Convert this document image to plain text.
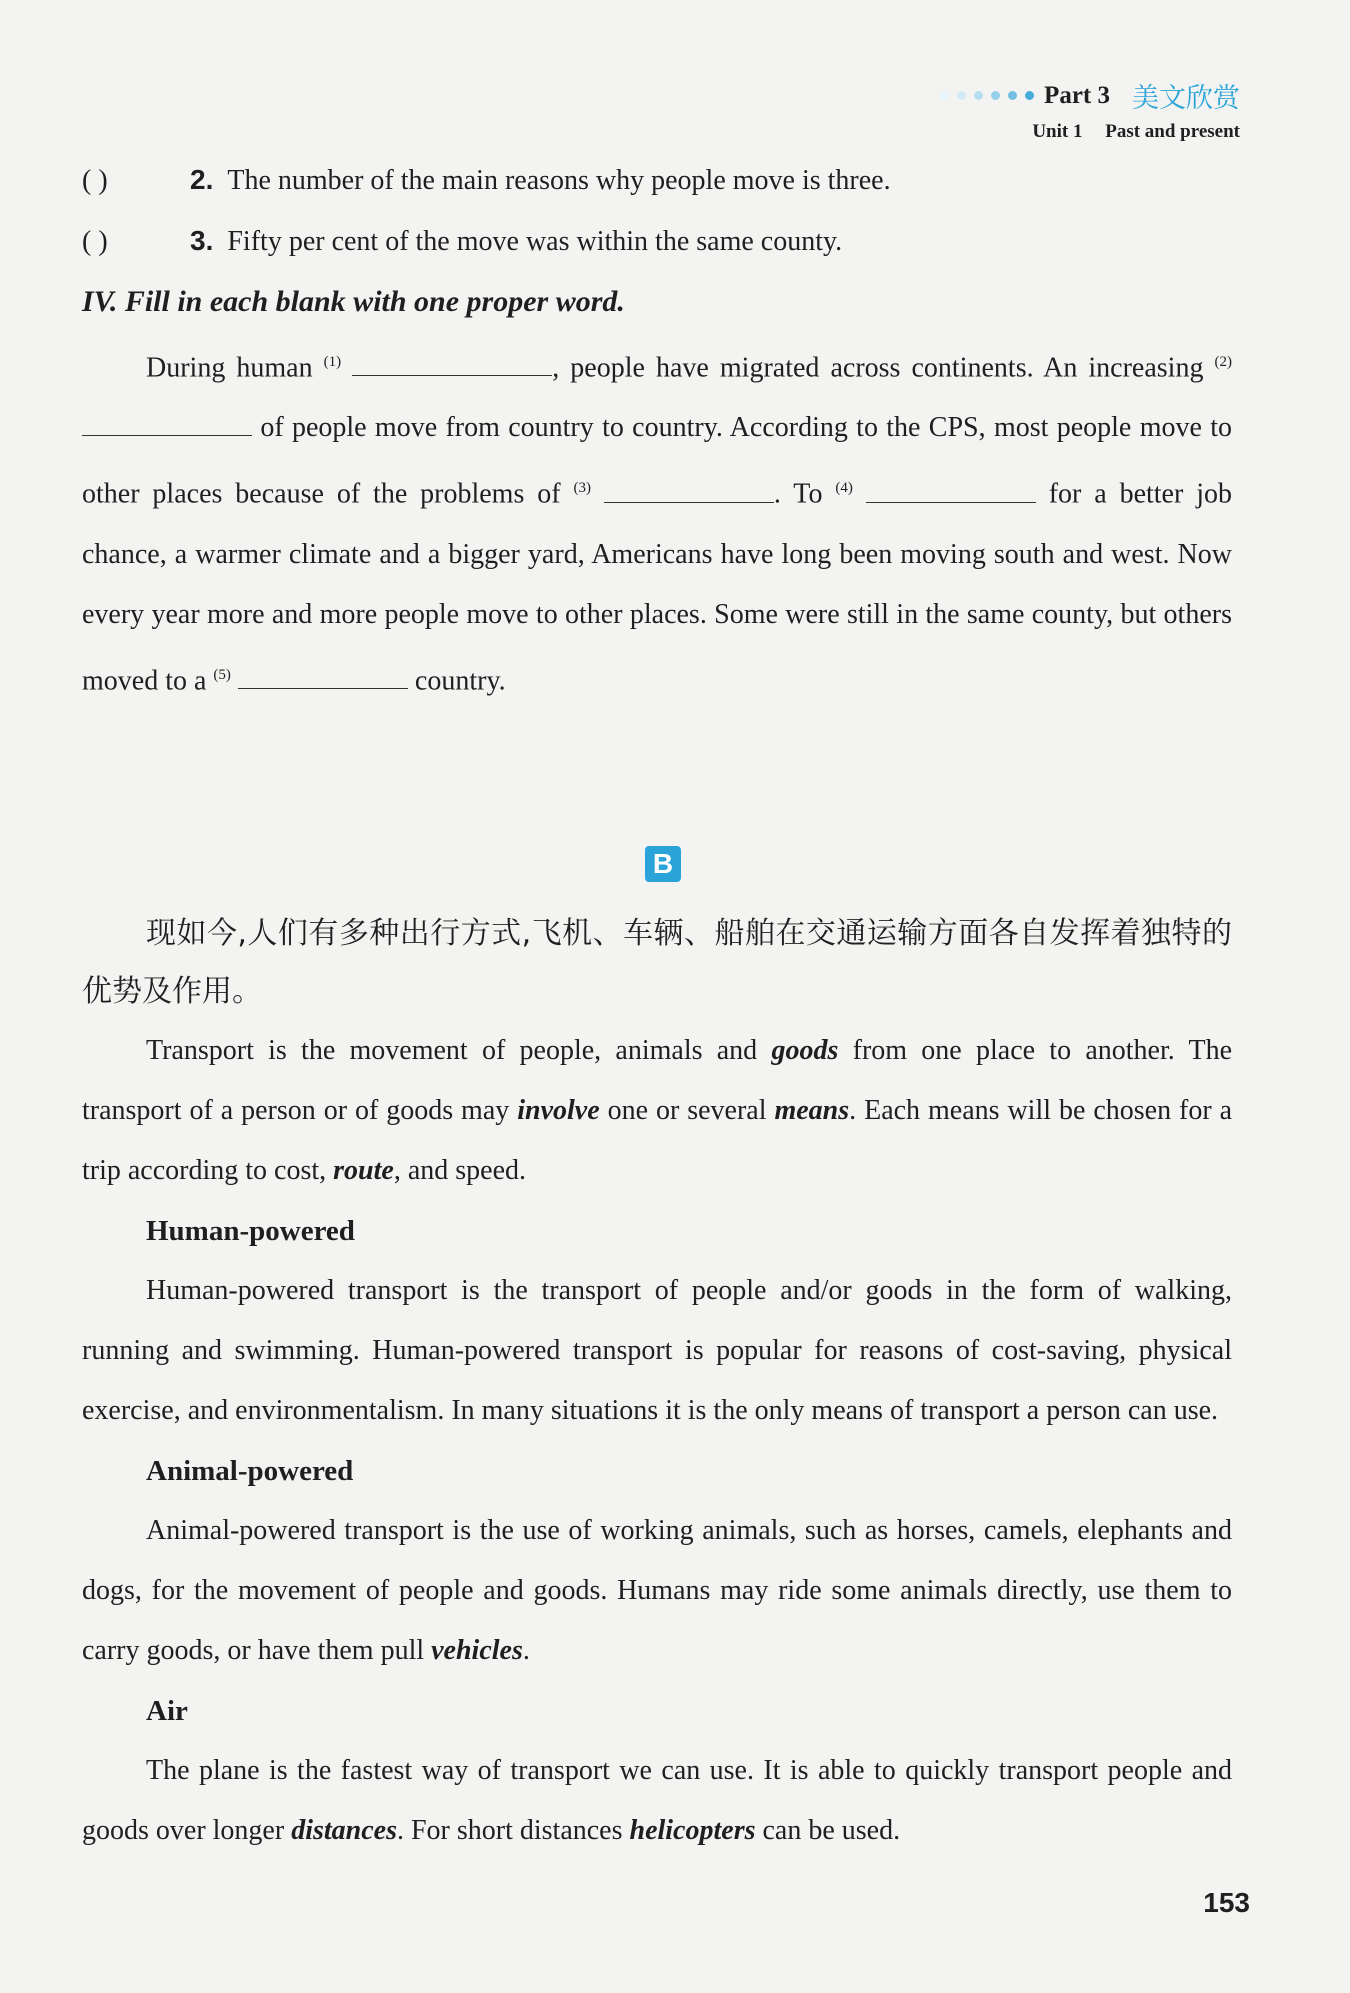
Part 3 美文欣赏
Unit 1 Past and present
( )	2. The number of the main reasons why people move is three.
( )	3. Fifty per cent of the move was within the same county.
IV. Fill in each blank with one proper word.
During human $^{(1)}$	, people have migrated across continents. An increasing $^{(2)}$  of people move from country to country. According to the CPS, most people move to other places because of the problems of $^{(3)}$	. To $^{(4)}$	for a better job chance, a warmer climate and a bigger yard, Americans have long been moving south and west. Now every year more and more people move to other places. Some were still in the same county, but others moved to a $^{(5)}$	country.
B
现如今,人们有多种出行方式,飞机、车辆、船舶在交通运输方面各自发挥着独特的优势及作用。
Transport is the movement of people, animals and goods from one place to another. The transport of a person or of goods may involve one or several means. Each means will be chosen for a trip according to cost, route, and speed.
Human-powered
Human-powered transport is the transport of people and/or goods in the form of walking, running and swimming. Human-powered transport is popular for reasons of cost-saving, physical exercise, and environmentalism. In many situations it is the only means of transport a person can use.
Animal-powered
Animal-powered transport is the use of working animals, such as horses, camels, elephants and dogs, for the movement of people and goods. Humans may ride some animals directly, use them to carry goods, or have them pull vehicles.
Air
The plane is the fastest way of transport we can use. It is able to quickly transport people and goods over longer distances. For short distances helicopters can be used.
153
